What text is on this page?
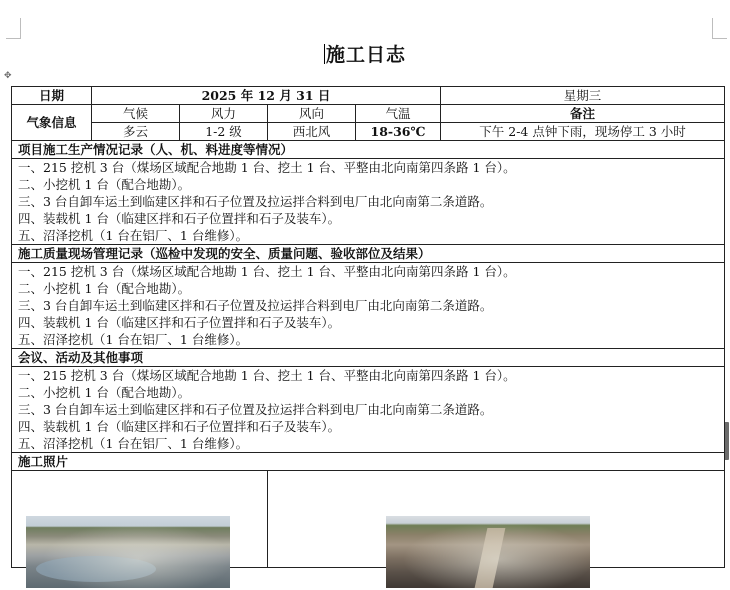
✥
施工日志
日期	2025 年 12 月 31 日				星期三
气象信息	气候	风力	风向	气温	备注
	多云	1-2 级	西北风	18-36℃	下午 2-4 点钟下雨，现场停工 3 小时
项目施工生产情况记录（人、机、料进度等情况）					

一、215 挖机 3 台（煤场区域配合地勘 1 台、挖土 1 台、平整由北向南第四条路 1 台）。
二、小挖机 1 台（配合地勘）。
三、3 台自卸车运土到临建区拌和石子位置及拉运拌合料到电厂由北向南第二条道路。
四、装载机 1 台（临建区拌和石子位置拌和石子及装车）。
五、沼泽挖机（1 台在铝厂、1 台维修）。					

施工质量现场管理记录（巡检中发现的安全、质量问题、验收部位及结果）					

一、215 挖机 3 台（煤场区域配合地勘 1 台、挖土 1 台、平整由北向南第四条路 1 台）。
二、小挖机 1 台（配合地勘）。
三、3 台自卸车运土到临建区拌和石子位置及拉运拌合料到电厂由北向南第二条道路。
四、装载机 1 台（临建区拌和石子位置拌和石子及装车）。
五、沼泽挖机（1 台在铝厂、1 台维修）。					

会议、活动及其他事项					

一、215 挖机 3 台（煤场区域配合地勘 1 台、挖土 1 台、平整由北向南第四条路 1 台）。
二、小挖机 1 台（配合地勘）。
三、3 台自卸车运土到临建区拌和石子位置及拉运拌合料到电厂由北向南第二条道路。
四、装载机 1 台（临建区拌和石子位置拌和石子及装车）。
五、沼泽挖机（1 台在铝厂、1 台维修）。					

施工照片					
